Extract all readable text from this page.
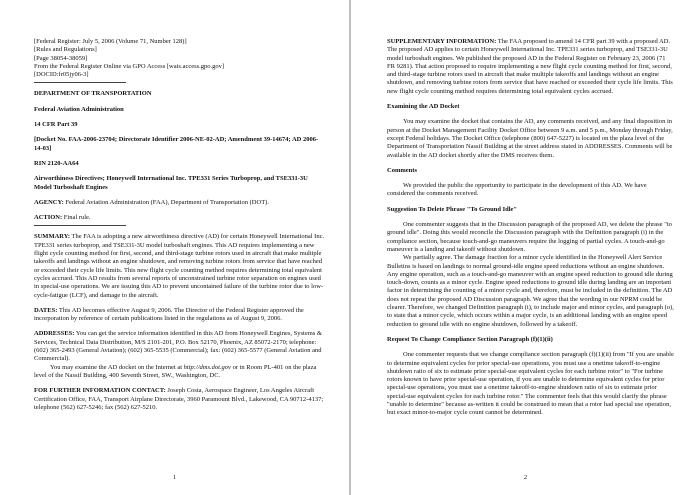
[Federal Register: July 5, 2006 (Volume 71, Number 128)]

[Rules and Regulations]

[Page 38054-38059]

From the Federal Register Online via GPO Access [wais.access.gpo.gov]

[DOCID:fr05jy06-3]

DEPARTMENT OF TRANSPORTATION

Federal Aviation Administration

14 CFR Part 39

[Docket No. FAA-2006-23704; Directorate Identifier 2006-NE-02-AD; Amendment 39-14674; AD 2006-14-03]

RIN 2120-AA64

Airworthiness Directives; Honeywell International Inc. TPE331 Series Turboprop, and TSE331-3U Model Turboshaft Engines

AGENCY: Federal Aviation Administration (FAA), Department of Transportation (DOT).

ACTION: Final rule.

SUMMARY: The FAA is adopting a new airworthiness directive (AD) for certain Honeywell International Inc. TPE331 series turboprop, and TSE331-3U model turboshaft engines. This AD requires implementing a new flight cycle counting method for first, second, and third-stage turbine rotors used in aircraft that make multiple takeoffs and landings without an engine shutdown, and removing turbine rotors from service that have reached or exceeded their cycle life limits. This new flight cycle counting method requires determining total equivalent cycles accrued. This AD results from several reports of unconstrained turbine rotor separation on engines used in special-use operations. We are issuing this AD to prevent uncontained failure of the turbine rotor due to low-cycle-fatigue (LCF), and damage to the aircraft.

DATES: This AD becomes effective August 9, 2006. The Director of the Federal Register approved the incorporation by reference of certain publications listed in the regulations as of August 9, 2006.

ADDRESSES: You can get the service information identified in this AD from Honeywell Engines, Systems & Services, Technical Data Distribution, M/S 2101-201, P.O. Box 52170, Phoenix, AZ 85072-2170; telephone: (602) 365-2493 (General Aviation); (602) 365-5535 (Commercial); fax: (602) 365-5577 (General Aviation and Commercial).

You may examine the AD docket on the Internet at http://dms.dot.gov or in Room PL-401 on the plaza level of the Nassif Building, 400 Seventh Street, SW., Washington, DC.

FOR FURTHER INFORMATION CONTACT: Joseph Costa, Aerospace Engineer, Los Angeles Aircraft Certification Office, FAA, Transport Airplane Directorate, 3960 Paramount Blvd., Lakewood, CA 90712-4137; telephone (562) 627-5246; fax (562) 627-5210.

1

SUPPLEMENTARY INFORMATION: The FAA proposed to amend 14 CFR part 39 with a proposed AD. The proposed AD applies to certain Honeywell International Inc. TPE331 series turboprop, and TSE331-3U model turboshaft engines. We published the proposed AD in the Federal Register on February 23, 2006 (71 FR 9281). That action proposed to require implementing a new flight cycle counting method for first, second, and third-stage turbine rotors used in aircraft that make multiple takeoffs and landings without an engine shutdown, and removing turbine rotors from service that have reached or exceeded their cycle life limits. This new flight cycle counting method requires determining total equivalent cycles accrued.

Examining the AD Docket

You may examine the docket that contains the AD, any comments received, and any final disposition in person at the Docket Management Facility Docket Office between 9 a.m. and 5 p.m., Monday through Friday, except Federal holidays. The Docket Office (telephone (800) 647-5227) is located on the plaza level of the Department of Transportation Nassif Building at the street address stated in ADDRESSES. Comments will be available in the AD docket shortly after the DMS receives them.

Comments

We provided the public the opportunity to participate in the development of this AD. We have considered the comments received.

Suggestion To Delete Phrase "To Ground Idle"

One commenter suggests that in the Discussion paragraph of the proposed AD, we delete the phrase "to ground idle". Doing this would reconcile the Discussion paragraph with the Definition paragraph (i) in the compliance section, because touch-and-go maneuvers require the logging of partial cycles. A touch-and-go maneuver is a landing and takeoff without shutdown.

We partially agree. The damage fraction for a minor cycle identified in the Honeywell Alert Service Bulletins is based on landings to normal ground-idle engine speed reductions without an engine shutdown. Any engine operation, such as a touch-and-go maneuver with an engine speed reduction to ground idle during touch-down, counts as a minor cycle. Engine speed reductions to ground idle during landing are an important factor in determining the counting of a minor cycle and, therefore, must be included in the definition. The AD does not repeat the proposed AD Discussion paragraph. We agree that the wording in our NPRM could be clearer. Therefore, we changed Definition paragraph (i), to include major and minor cycles, and paragraph (o), to state that a minor cycle, which occurs within a major cycle, is an additional landing with an engine speed reduction to ground idle with no engine shutdown, followed by a takeoff.

Request To Change Compliance Section Paragraph (f)(1)(ii)

One commenter requests that we change compliance section paragraph (f)(1)(ii) from "If you are unable to determine equivalent cycles for prior special-use operations, you must use a onetime takeoff-to-engine shutdown ratio of six to estimate prior special-use equivalent cycles for each turbine rotor" to "For turbine rotors known to have prior special-use operation, if you are unable to determine equivalent cycles for prior special-use operations, you must use a onetime takeoff-to-engine shutdown ratio of six to estimate prior special-use equivalent cycles for each turbine rotor." The commenter feels that this would clarify the phrase "unable to determine" because as-written it could be construed to mean that a rotor had special use operation, but exact minor-to-major cycle count cannot be determined.

2
